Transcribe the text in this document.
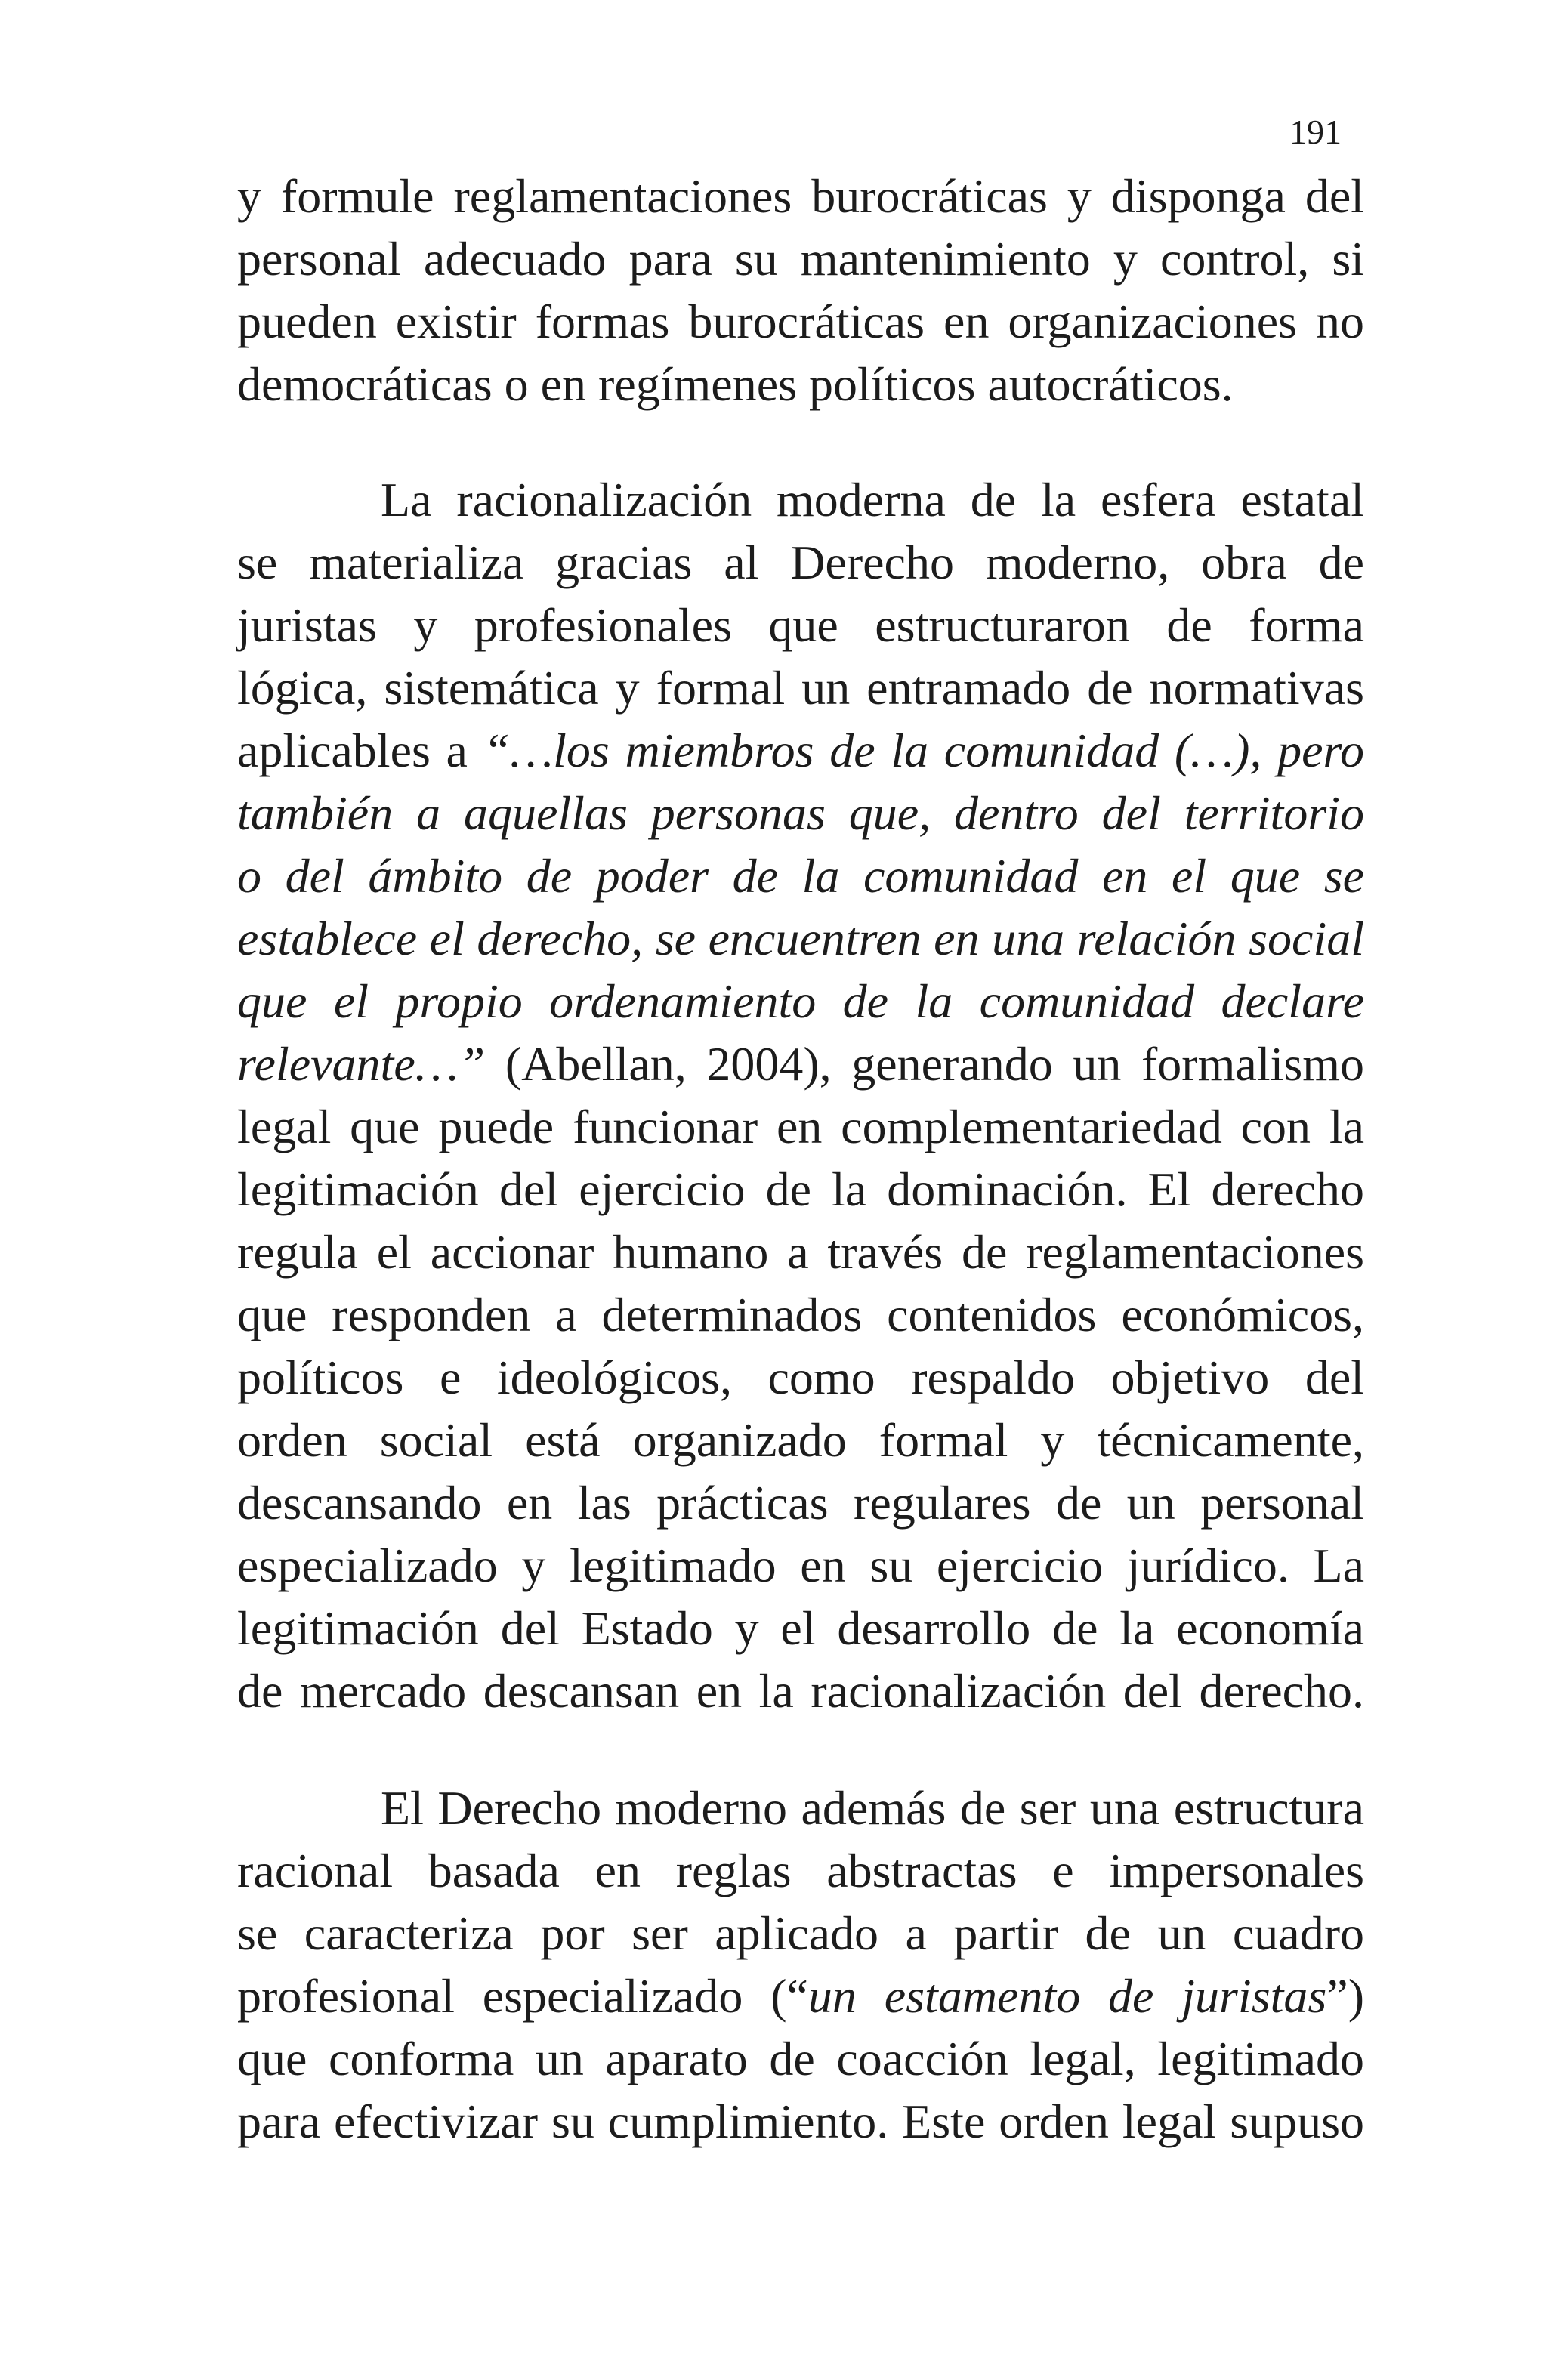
191
y formule reglamentaciones burocráticas y disponga del
personal adecuado para su mantenimiento y control, si
pueden existir formas burocráticas en organizaciones no
democráticas o en regímenes políticos autocráticos.
La racionalización moderna de la esfera estatal
se materializa gracias al Derecho moderno, obra de
juristas y profesionales que estructuraron de forma
lógica, sistemática y formal un entramado de normativas
aplicables a “…los miembros de la comunidad (…), pero
también a aquellas personas que, dentro del territorio
o del ámbito de poder de la comunidad en el que se
establece el derecho, se encuentren en una relación social
que el propio ordenamiento de la comunidad declare
relevante…” (Abellan, 2004), generando un formalismo
legal que puede funcionar en complementariedad con la
legitimación del ejercicio de la dominación. El derecho
regula el accionar humano a través de reglamentaciones
que responden a determinados contenidos económicos,
políticos e ideológicos, como respaldo objetivo del
orden social está organizado formal y técnicamente,
descansando en las prácticas regulares de un personal
especializado y legitimado en su ejercicio jurídico. La
legitimación del Estado y el desarrollo de la economía
de mercado descansan en la racionalización del derecho.
El Derecho moderno además de ser una estructura
racional basada en reglas abstractas e impersonales
se caracteriza por ser aplicado a partir de un cuadro
profesional especializado (“un estamento de juristas”)
que conforma un aparato de coacción legal, legitimado
para efectivizar su cumplimiento. Este orden legal supuso
